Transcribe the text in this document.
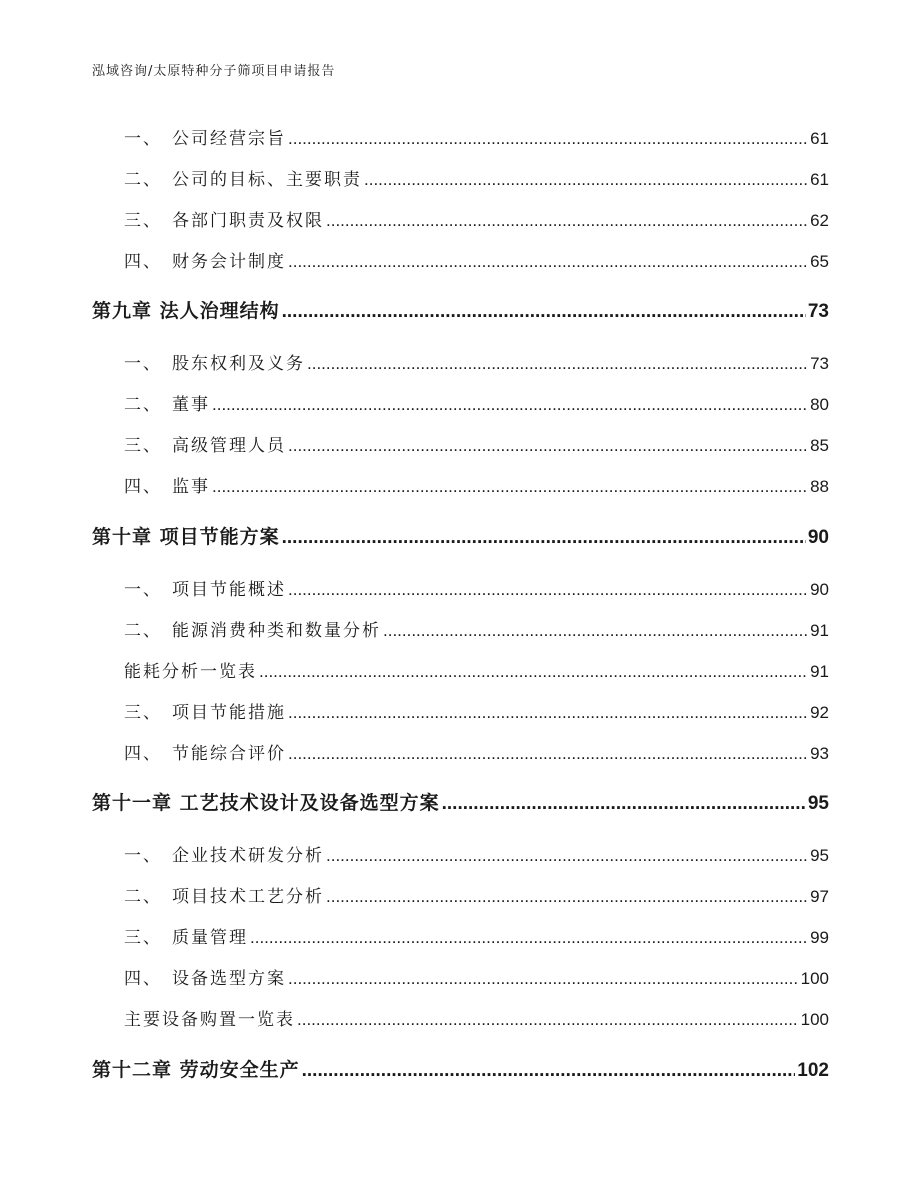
泓域咨询/太原特种分子筛项目申请报告
一、 公司经营宗旨 .....	61
二、 公司的目标、主要职责 .....	61
三、 各部门职责及权限 .....	62
四、 财务会计制度 .....	65
第九章 法人治理结构 .....	73
一、 股东权利及义务 .....	73
二、 董事 .....	80
三、 高级管理人员 .....	85
四、 监事 .....	88
第十章 项目节能方案 .....	90
一、 项目节能概述 .....	90
二、 能源消费种类和数量分析 .....	91
能耗分析一览表 .....	91
三、 项目节能措施 .....	92
四、 节能综合评价 .....	93
第十一章 工艺技术设计及设备选型方案 .....	95
一、 企业技术研发分析 .....	95
二、 项目技术工艺分析 .....	97
三、 质量管理 .....	99
四、 设备选型方案 .....	100
主要设备购置一览表 .....	100
第十二章 劳动安全生产 .....	102
